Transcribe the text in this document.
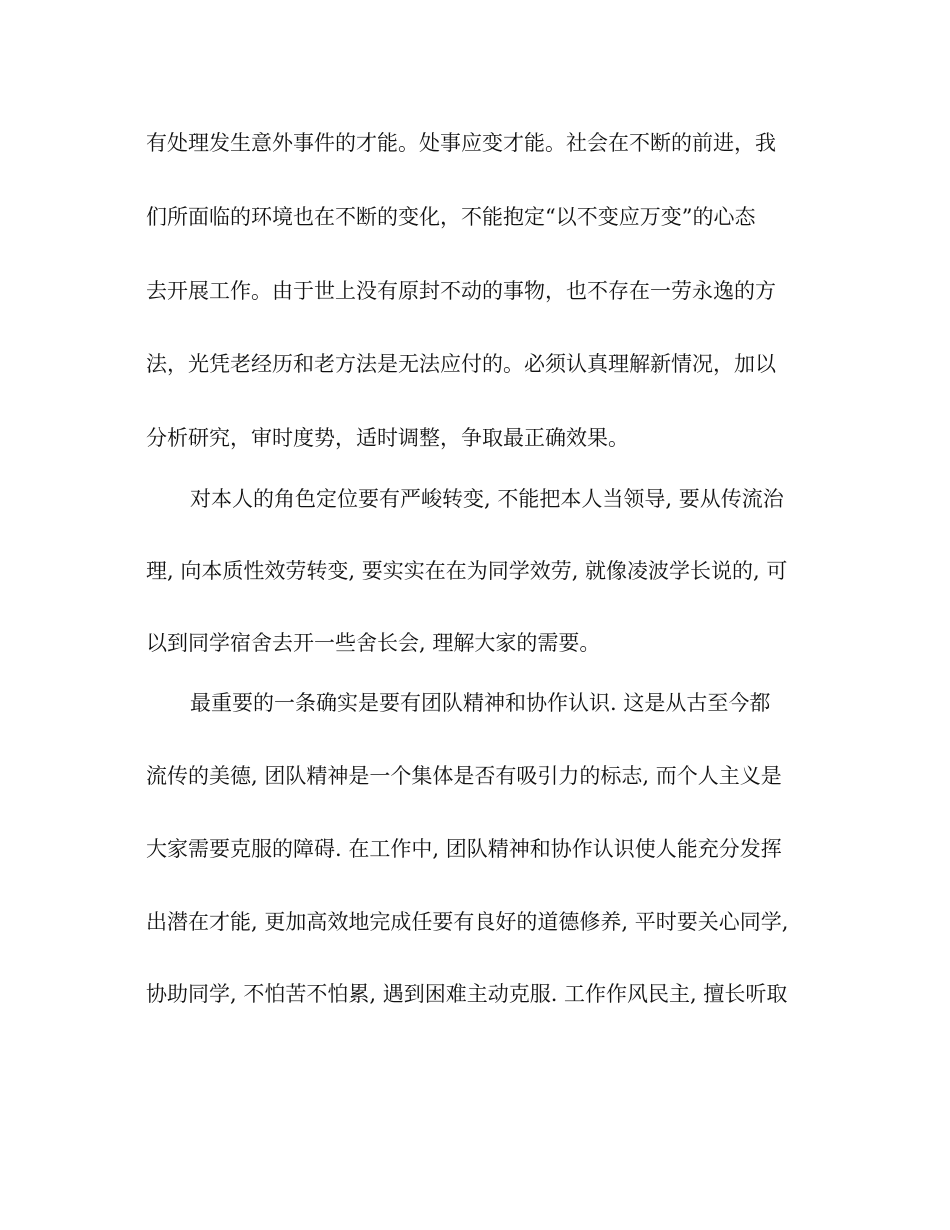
有处理发生意外事件的才能。处事应变才能。社会在不断的前进，我
们所面临的环境也在不断的变化，不能抱定“以不变应万变”的心态
去开展工作。由于世上没有原封不动的事物，也不存在一劳永逸的方
法，光凭老经历和老方法是无法应付的。必须认真理解新情况，加以
分析研究，审时度势，适时调整，争取最正确效果。
对本人的角色定位要有严峻转变, 不能把本人当领导, 要从传流治
理, 向本质性效劳转变, 要实实在在为同学效劳, 就像凌波学长说的, 可
以到同学宿舍去开一些舍长会, 理解大家的需要。
最重要的一条确实是要有团队精神和协作认识. 这是从古至今都
流传的美德, 团队精神是一个集体是否有吸引力的标志, 而个人主义是
大家需要克服的障碍. 在工作中, 团队精神和协作认识使人能充分发挥
出潜在才能, 更加高效地完成任要有良好的道德修养, 平时要关心同学,
协助同学, 不怕苦不怕累, 遇到困难主动克服. 工作作风民主, 擅长听取
